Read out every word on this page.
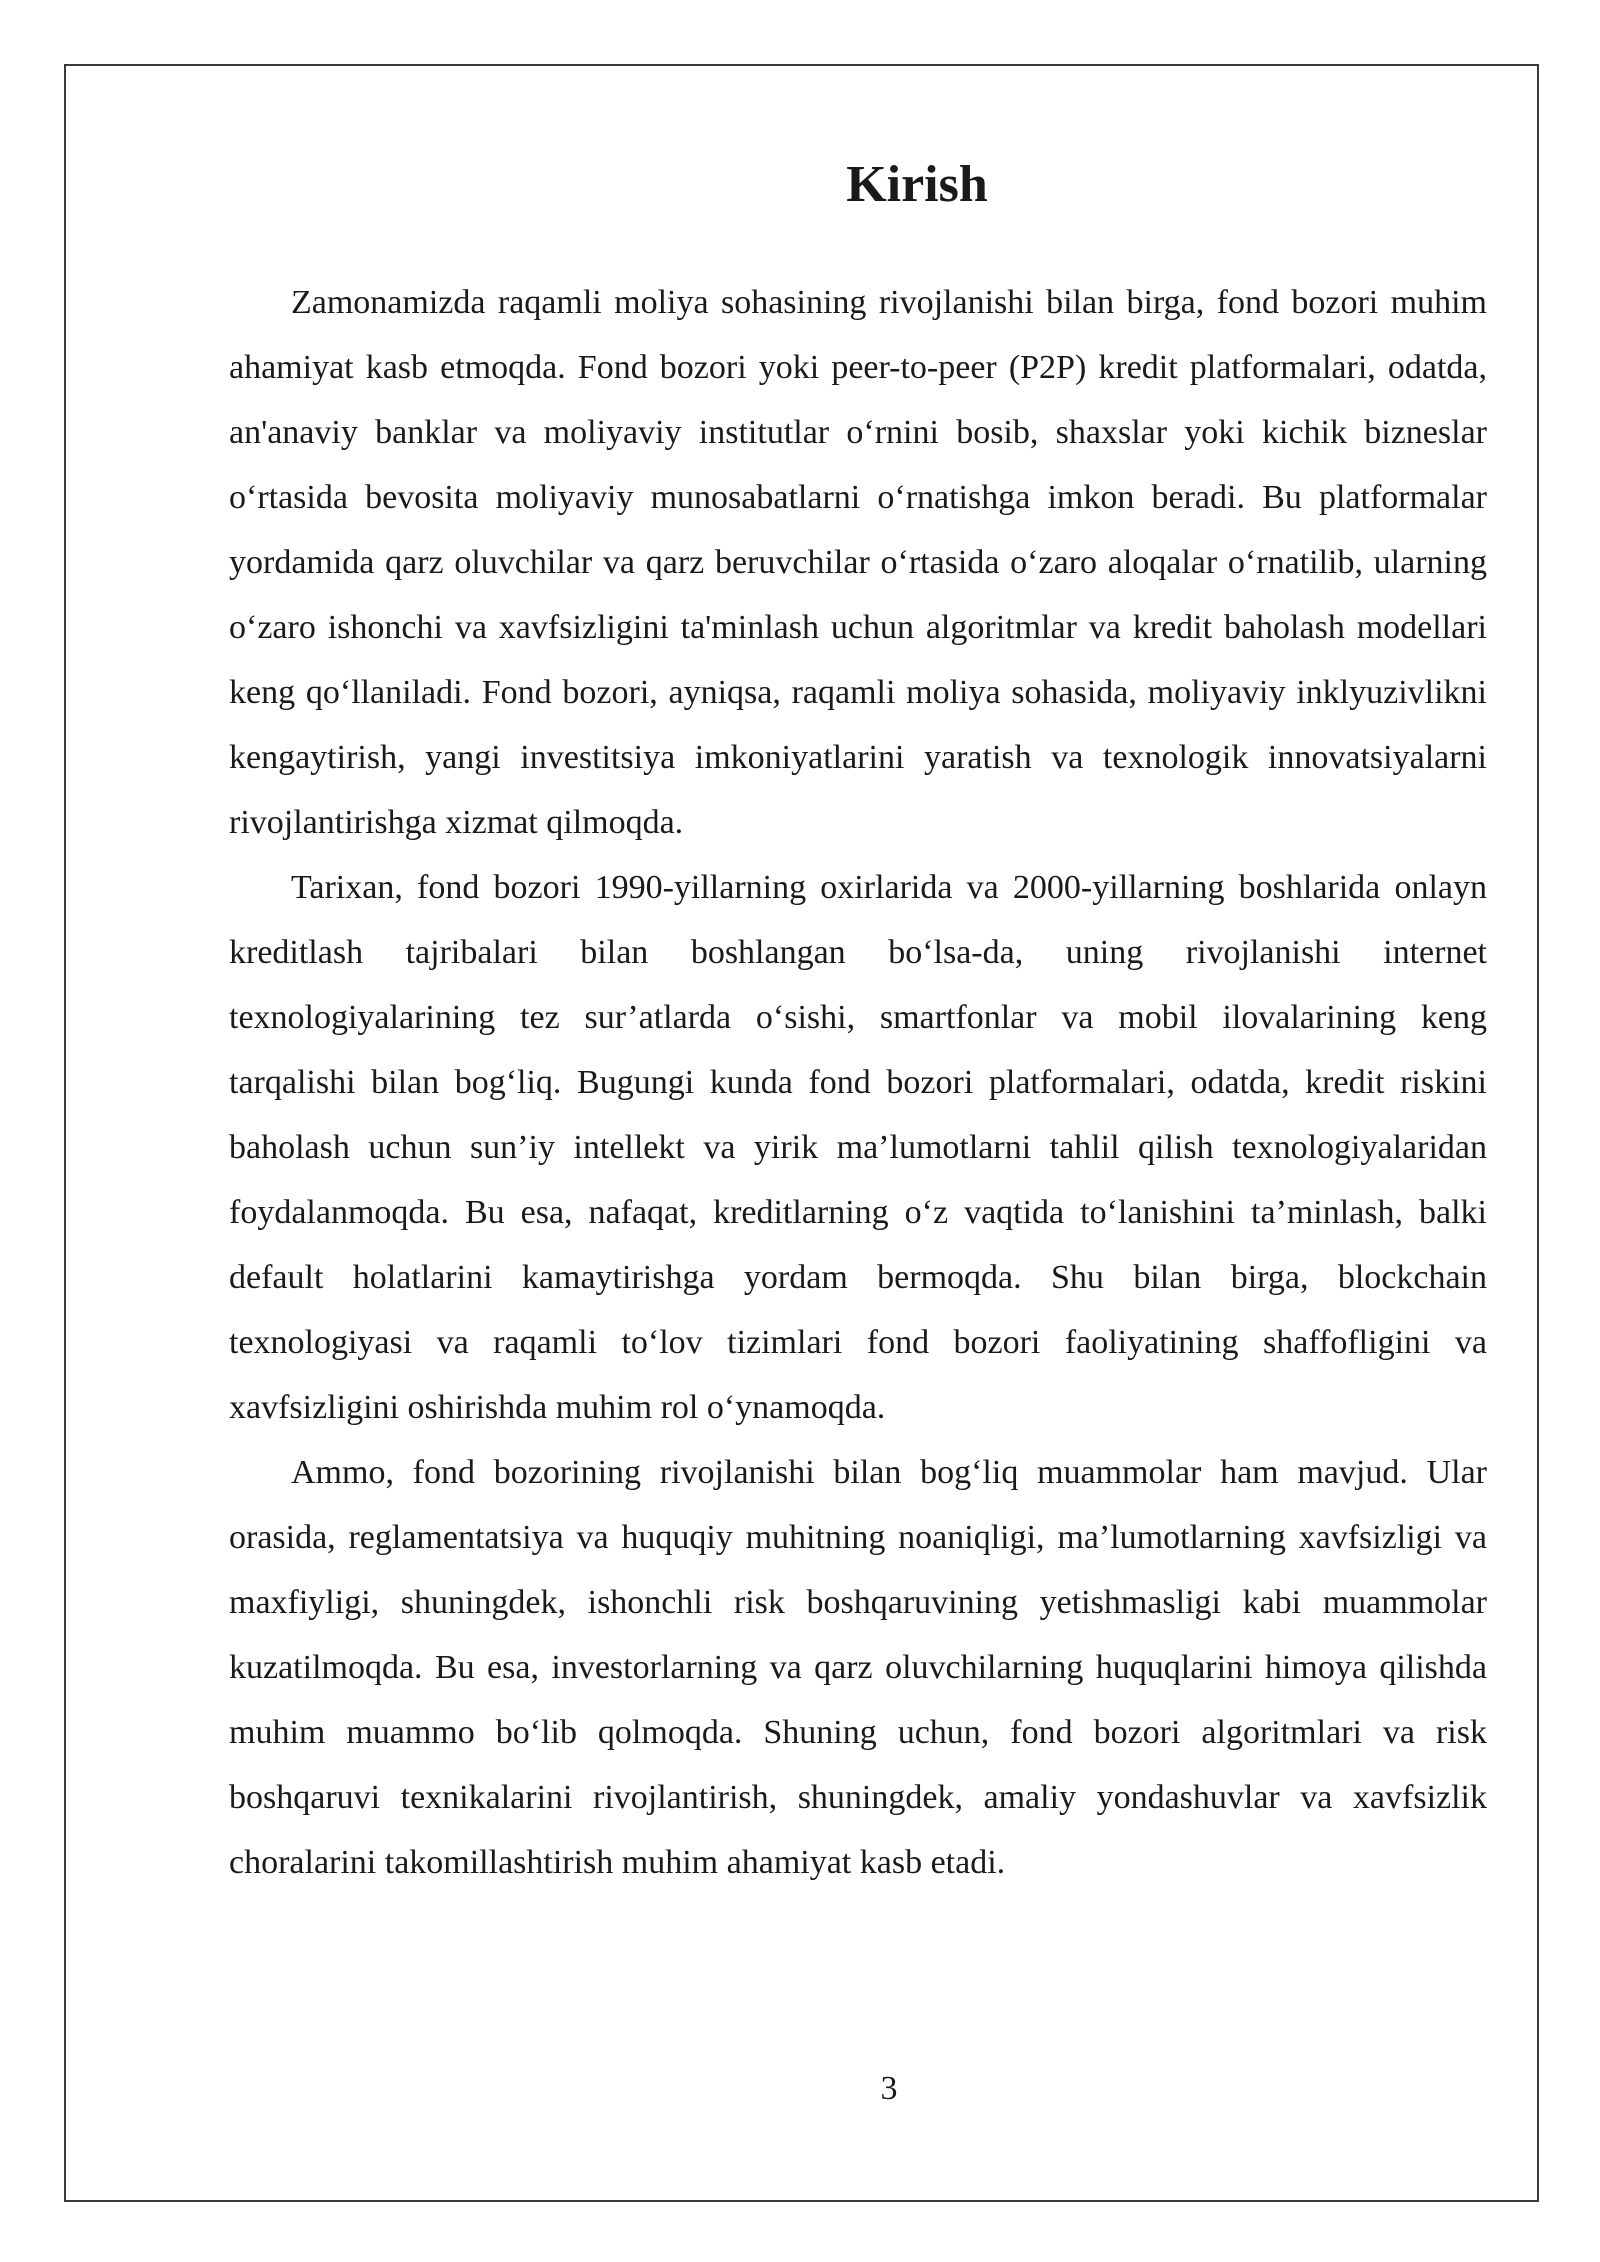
Kirish

Zamonamizda raqamli moliya sohasining rivojlanishi bilan birga, fond bozori muhim ahamiyat kasb etmoqda. Fond bozori yoki peer-to-peer (P2P) kredit platformalari, odatda, an'anaviy banklar va moliyaviy institutlar o‘rnini bosib, shaxslar yoki kichik bizneslar o‘rtasida bevosita moliyaviy munosabatlarni o‘rnatishga imkon beradi. Bu platformalar yordamida qarz oluvchilar va qarz beruvchilar o‘rtasida o‘zaro aloqalar o‘rnatilib, ularning o‘zaro ishonchi va xavfsizligini ta'minlash uchun algoritmlar va kredit baholash modellari keng qo‘llaniladi. Fond bozori, ayniqsa, raqamli moliya sohasida, moliyaviy inklyuzivlikni kengaytirish, yangi investitsiya imkoniyatlarini yaratish va texnologik innovatsiyalarni rivojlantirishga xizmat qilmoqda.

Tarixan, fond bozori 1990-yillarning oxirlarida va 2000-yillarning boshlarida onlayn kreditlash tajribalari bilan boshlangan bo‘lsa-da, uning rivojlanishi internet texnologiyalarining tez sur’atlarda o‘sishi, smartfonlar va mobil ilovalarining keng tarqalishi bilan bog‘liq. Bugungi kunda fond bozori platformalari, odatda, kredit riskini baholash uchun sun’iy intellekt va yirik ma’lumotlarni tahlil qilish texnologiyalaridan foydalanmoqda. Bu esa, nafaqat, kreditlarning o‘z vaqtida to‘lanishini ta’minlash, balki default holatlarini kamaytirishga yordam bermoqda. Shu bilan birga, blockchain texnologiyasi va raqamli to‘lov tizimlari fond bozori faoliyatining shaffofligini va xavfsizligini oshirishda muhim rol o‘ynamoqda.

Ammo, fond bozorining rivojlanishi bilan bog‘liq muammolar ham mavjud. Ular orasida, reglamentatsiya va huquqiy muhitning noaniqligi, ma’lumotlarning xavfsizligi va maxfiyligi, shuningdek, ishonchli risk boshqaruvining yetishmasligi kabi muammolar kuzatilmoqda. Bu esa, investorlarning va qarz oluvchilarning huquqlarini himoya qilishda muhim muammo bo‘lib qolmoqda. Shuning uchun, fond bozori algoritmlari va risk boshqaruvi texnikalarini rivojlantirish, shuningdek, amaliy yondashuvlar va xavfsizlik choralarini takomillashtirish muhim ahamiyat kasb etadi.

3
